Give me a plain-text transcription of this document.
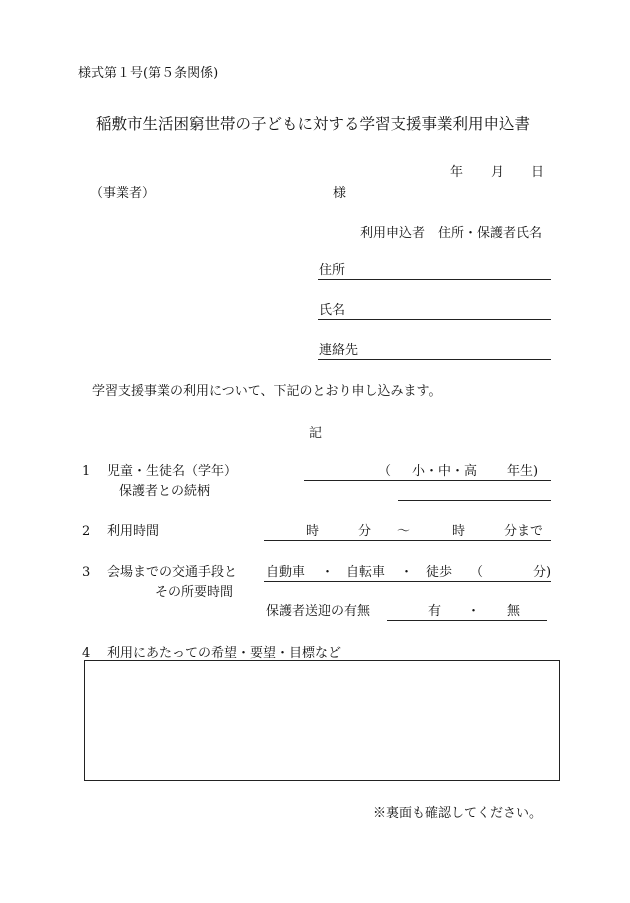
様式第１号(第５条関係)
稲敷市生活困窮世帯の子どもに対する学習支援事業利用申込書
年 月 日
（事業者）	様
利用申込者　住所・保護者氏名
住所
氏名
連絡先
学習支援事業の利用について、下記のとおり申し込みます。
記
1 児童・生徒名（学年）
保護者との続柄
（ 小・中・高 年生)
2 利用時間	時	分 ～	時	分まで
3 会場までの交通手段と
その所要時間
自動車 ・ 自転車 ・ 徒歩 （	分)
保護者送迎の有無	有 ・ 無
4 利用にあたっての希望・要望・目標など
※裏面も確認してください。
